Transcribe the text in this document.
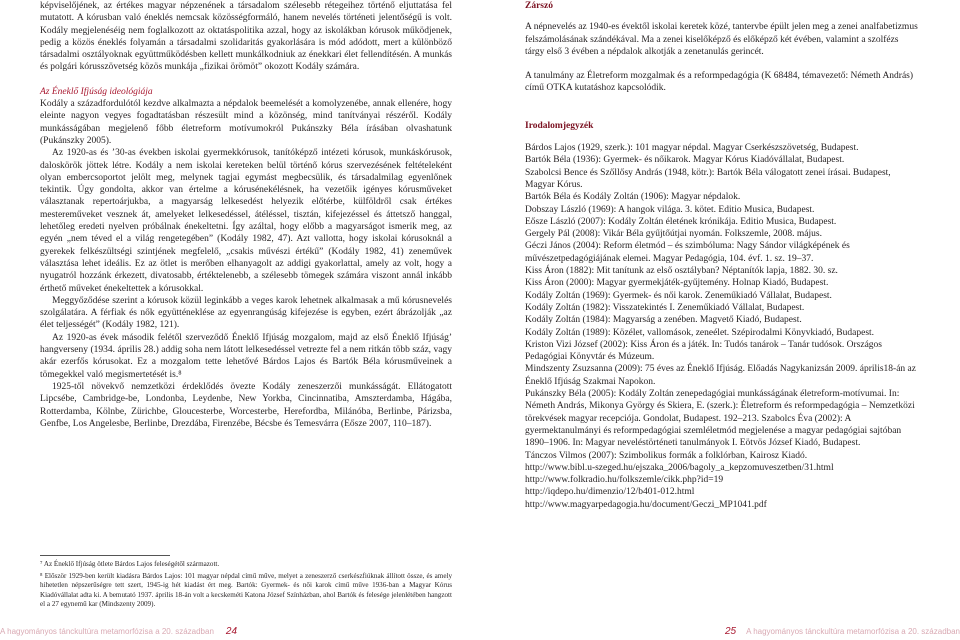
képviselőjének, az értékes magyar népzenének a társadalom szélesebb rétegeihez történő eljuttatása fel mutatott. A kórusban való éneklés nemcsak közösségformáló, hanem nevelés történeti jelentőségű is volt. Kodály megjelenéséig nem foglalkozott az oktatáspolitika azzal, hogy az iskolákban kórusok működjenek, pedig a közös éneklés folyamán a társadalmi szolidaritás gyakorlására is mód adódott, mert a különböző társadalmi osztályoknak együttműködésben kellett munkálkodniuk az énekkari élet fellendítésén. A munkás és polgári kórusszövetség közös munkája „fizikai örömöt” okozott Kodály számára.

Az Éneklő Ifjúság ideológiája

Kodály a századfordulótól kezdve alkalmazta a népdalok beemelését a komolyzenébe, annak ellenére, hogy eleinte nagyon vegyes fogadtatásban részesült mind a közönség, mind tanítványai részéről. Kodály munkásságában megjelenő főbb életreform motívumokról Pukánszky Béla írásában olvashatunk (Pukánszky 2005).

Az 1920-as és ’30-as években iskolai gyermekkórusok, tanítóképző intézeti kórusok, munkáskórusok, daloskörök jöttek létre. Kodály a nem iskolai kereteken belül történő kórus szervezésének feltételeként olyan embercsoportot jelölt meg, melynek tagjai egymást megbecsülik, és társadalmilag egyenlőnek tekintik. Úgy gondolta, akkor van értelme a kórusénekélésnek, ha vezetőik igényes kórusműveket választanak repertoárjukba, a magyarság lelkesedést helyezik előtérbe, külföldről csak értékes mestereműveket vesznek át, amelyeket lelkesedéssel, átéléssel, tisztán, kifejezéssel és áttetsző hanggal, lehetőleg eredeti nyelven próbálnak énekeltetni. Így azáltal, hogy előbb a magyarságot ismerik meg, az egyén „nem téved el a világ rengetegében” (Kodály 1982, 47). Azt vallotta, hogy iskolai kórusoknál a gyerekek felkészültségi szintjének megfelelő, „csakis művészi értékű” (Kodály 1982, 41) zeneművek választása lehet ideális. Ez az ötlet is merőben elhanyagolt az addigi gyakorlattal, amely az volt, hogy a nyugatról hozzánk érkezett, divatosabb, értéktelenebb, a szélesebb tömegek számára viszont annál inkább érthető műveket énekeltettek a kórusokkal.

Meggyőződése szerint a kórusok közül leginkább a veges karok lehetnek alkalmasak a mű kórusnevelés szolgálatára. A férfiak és nők együtténeklése az egyenrangúság kifejezése is egyben, ezért ábrázolják „az élet teljességét” (Kodály 1982, 121).

Az 1920-as évek második felétől szerveződő Éneklő Ifjúság mozgalom, majd az első Éneklő Ifjúság’ hangverseny (1934. április 28.) addig soha nem látott lelkesedéssel vetrezte fel a nem ritkán több száz, vagy akár ezerfős kórusokat. Ez a mozgalom tette lehetővé Bárdos Lajos és Bartók Béla kórusműveinek a tömegekkel való megismertetését is.⁸

1925-től növekvő nemzetközi érdeklődés övezte Kodály zeneszerzői munkásságát. Ellátogatott Lipcsébe, Cambridge-be, Londonba, Leydenbe, New Yorkba, Cincinnatiba, Amszterdamba, Hágába, Rotterdamba, Kölnbe, Zürichbe, Gloucesterbe, Worcesterbe, Herefordba, Milánóba, Berlinbe, Párizsba, Genfbe, Los Angelesbe, Berlinbe, Drezdába, Firenzébe, Bécsbe és Temesvárra (Eősze 2007, 110–187).

⁷ Az Éneklő Ifjúság ötlete Bárdos Lajos feleségétől származott.

⁸ Először 1929-ben került kiadásra Bárdos Lajos: 101 magyar népdal című műve, melyet a zeneszerző cserkészfiúknak állított össze, és amely hihetetlen népszerűségre tett szert, 1945-ig hét kiadást ért meg. Bartók: Gyermek- és női karok című műve 1936-ban a Magyar Kórus Kiadóvállalat adta ki. A bemutató 1937. április 18-án volt a kecskeméti Katona József Színházban, ahol Bartók és felesége jelenlétében hangzott el a 27 egynemű kar (Mindszenty 2009).

Zárszó

A népnevelés az 1940-es évektől iskolai keretek közé, tantervbe épült jelen meg a zenei analfabetizmus felszámolásának szándékával. Ma a zenei kiselőképző és előképző két évében, valamint a szolfézs tárgy első 3 évében a népdalok alkotják a zenetanulás gerincét.

A tanulmány az Életreform mozgalmak és a reformpedagógia (K 68484, témavezető: Németh András) című OTKA kutatáshoz kapcsolódik.

Irodalomjegyzék

Bárdos Lajos (1929, szerk.): 101 magyar népdal. Magyar Cserkészszövetség, Budapest.

Bartók Béla (1936): Gyermek- és nőikarok. Magyar Kórus Kiadóvállalat, Budapest.

Szabolcsi Bence és Szőllősy András (1948, kötr.): Bartók Béla válogatott zenei írásai. Budapest, Magyar Kórus.

Bartók Béla és Kodály Zoltán (1906): Magyar népdalok.

Dobszay László (1969): A hangok világa. 3. kötet. Editio Musica, Budapest.

Eősze László (2007): Kodály Zoltán életének krónikája. Editio Musica, Budapest.

Gergely Pál (2008): Vikár Béla gyűjtőútjai nyomán. Folkszemle, 2008. május.

Géczi János (2004): Reform életmód – és szimbóluma: Nagy Sándor világképének és művészetpedagógiájának elemei. Magyar Pedagógia, 104. évf. 1. sz. 19–37.

Kiss Áron (1882): Mit tanítunk az első osztályban? Néptanítók lapja, 1882. 30. sz.

Kiss Áron (2000): Magyar gyermekjáték-gyűjtemény. Holnap Kiadó, Budapest.

Kodály Zoltán (1969): Gyermek- és női karok. Zeneműkiadó Vállalat, Budapest.

Kodály Zoltán (1982): Visszatekintés I. Zeneműkiadó Vállalat, Budapest.

Kodály Zoltán (1984): Magyarság a zenében. Magvető Kiadó, Budapest.

Kodály Zoltán (1989): Közélet, vallomások, zeneélet. Szépirodalmi Könyvkiadó, Budapest.

Kriston Vizi József (2002): Kiss Áron és a játék. In: Tudós tanárok – Tanár tudósok. Országos Pedagógiai Könyvtár és Múzeum.

Mindszenty Zsuzsanna (2009): 75 éves az Éneklő Ifjúság. Előadás Nagykanizsán 2009. április18-án az Éneklő Ifjúság Szakmai Napokon.

Pukánszky Béla (2005): Kodály Zoltán zenepedagógiai munkásságának életreform-motívumai. In: Németh András, Mikonya György és Skiera, E. (szerk.): Életreform és reformpedagógia – Nemzetközi törekvések magyar recepciója. Gondolat, Budapest. 192–213. Szabolcs Éva (2002): A gyermektanulmányi és reformpedagógiai szemléletmód megjelenése a magyar pedagógiai sajtóban 1890–1906. In: Magyar neveléstörténeti tanulmányok I. Eötvös József Kiadó, Budapest.

Tánczos Vilmos (2007): Szimbolikus formák a folklórban, Kairosz Kiadó.

http://www.bibl.u-szeged.hu/ejszaka_2006/bagoly_a_kepzomuveszetben/31.html

http://www.folkradio.hu/folkszemle/cikk.php?id=19

http://iqdepo.hu/dimenzio/12/b401-012.html

http://www.magyarpedagogia.hu/document/Geczi_MP1041.pdf

A hagyományos tánckultúra metamorfózisa a 20. században 24	25 A hagyományos tánckultúra metamorfózisa a 20. században
